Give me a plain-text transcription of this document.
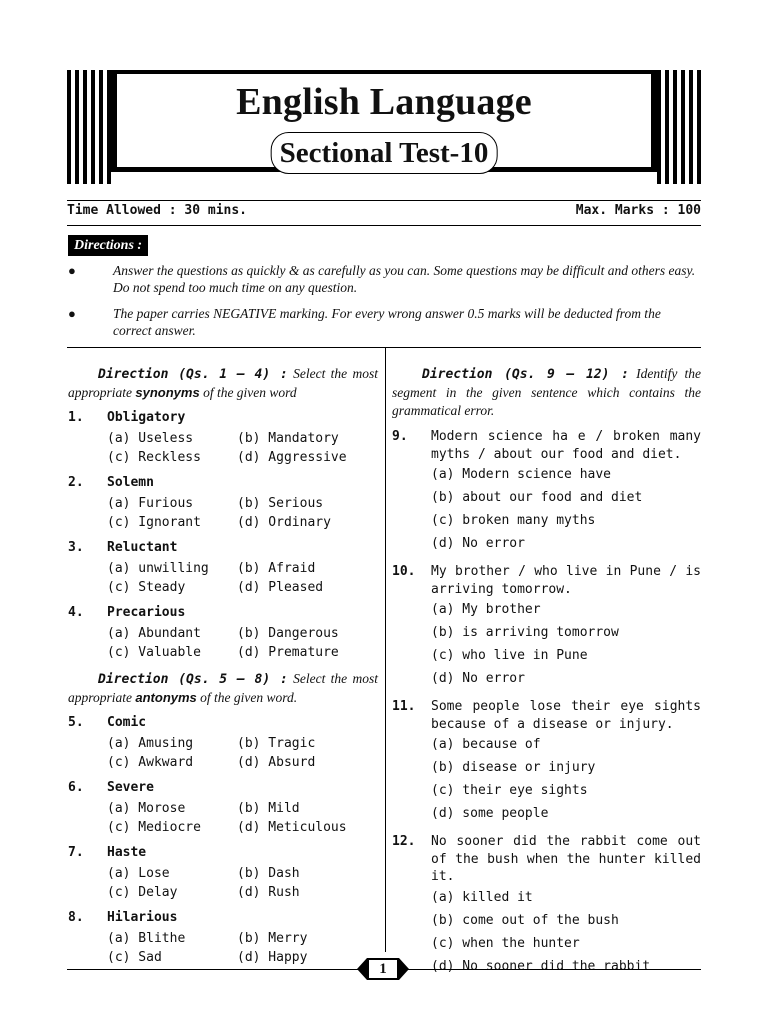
English Language
Sectional Test-10
Time Allowed : 30 mins.	Max. Marks : 100
Directions :
●	Answer the questions as quickly & as carefully as you can. Some questions may be difficult and others easy. Do not spend too much time on any question.
●	The paper carries NEGATIVE marking. For every wrong answer 0.5 marks will be deducted from the correct answer.
Direction (Qs. 1 – 4) : Select the most appropriate synonyms of the given word
1.	Obligatory
(a) Useless	(b) Mandatory
(c) Reckless	(d) Aggressive
2.	Solemn
(a) Furious	(b) Serious
(c) Ignorant	(d) Ordinary
3.	Reluctant
(a) unwilling	(b) Afraid
(c) Steady	(d) Pleased
4.	Precarious
(a) Abundant	(b) Dangerous
(c) Valuable	(d) Premature
Direction (Qs. 5 – 8) : Select the most appropriate antonyms of the given word.
5.	Comic
(a) Amusing	(b) Tragic
(c) Awkward	(d) Absurd
6.	Severe
(a) Morose	(b) Mild
(c) Mediocre	(d) Meticulous
7.	Haste
(a) Lose	(b) Dash
(c) Delay	(d) Rush
8.	Hilarious
(a) Blithe	(b) Merry
(c) Sad	(d) Happy
Direction (Qs. 9 – 12) : Identify the segment in the given sentence which contains the grammatical error.
9.	Modern science ha e / broken many myths / about our food and diet.
(a) Modern science have
(b) about our food and diet
(c) broken many myths
(d) No error
10.	My brother / who live in Pune / is arriving tomorrow.
(a) My brother
(b) is arriving tomorrow
(c) who live in Pune
(d) No error
11.	Some people lose their eye sights because of a disease or injury.
(a) because of
(b) disease or injury
(c) their eye sights
(d) some people
12.	No sooner did the rabbit come out of the bush when the hunter killed it.
(a) killed it
(b) come out of the bush
(c) when the hunter
(d) No sooner did the rabbit
1
